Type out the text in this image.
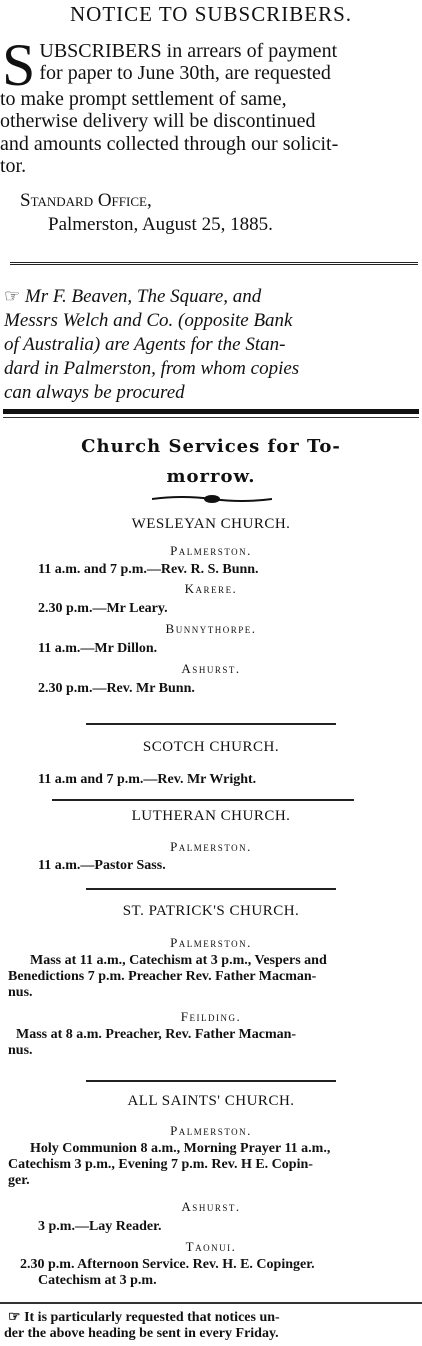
NOTICE TO SUBSCRIBERS.
S UBSCRIBERS in arrears of payment
for paper to June 30th, are requested
to make prompt settlement of same,
otherwise delivery will be discontinued
and amounts collected through our solicit-
tor.
Standard Office,
Palmerston, August 25, 1885.
☞ Mr F. Beaven, The Square, and
Messrs Welch and Co. (opposite Bank
of Australia) are Agents for the Stan-
dard in Palmerston, from whom copies
can always be procured
Church Services for To-
morrow.
WESLEYAN CHURCH.
Palmerston.
11 a.m. and 7 p.m.—Rev. R. S. Bunn.
Karere.
2.30 p.m.—Mr Leary.
Bunnythorpe.
11 a.m.—Mr Dillon.
Ashurst.
2.30 p.m.—Rev. Mr Bunn.
SCOTCH CHURCH.
11 a.m and 7 p.m.—Rev. Mr Wright.
LUTHERAN CHURCH.
Palmerston.
11 a.m.—Pastor Sass.
ST. PATRICK'S CHURCH.
Palmerston.
Mass at 11 a.m., Catechism at 3 p.m., Vespers and
Benedictions 7 p.m. Preacher Rev. Father Macman-
nus.
Feilding.
Mass at 8 a.m. Preacher, Rev. Father Macman-
nus.
ALL SAINTS' CHURCH.
Palmerston.
Holy Communion 8 a.m., Morning Prayer 11 a.m.,
Catechism 3 p.m., Evening 7 p.m. Rev. H E. Copin-
ger.
Ashurst.
3 p.m.—Lay Reader.
Taonui.
2.30 p.m. Afternoon Service. Rev. H. E. Copinger.
Catechism at 3 p.m.
☞ It is particularly requested that notices un-
der the above heading be sent in every Friday.
